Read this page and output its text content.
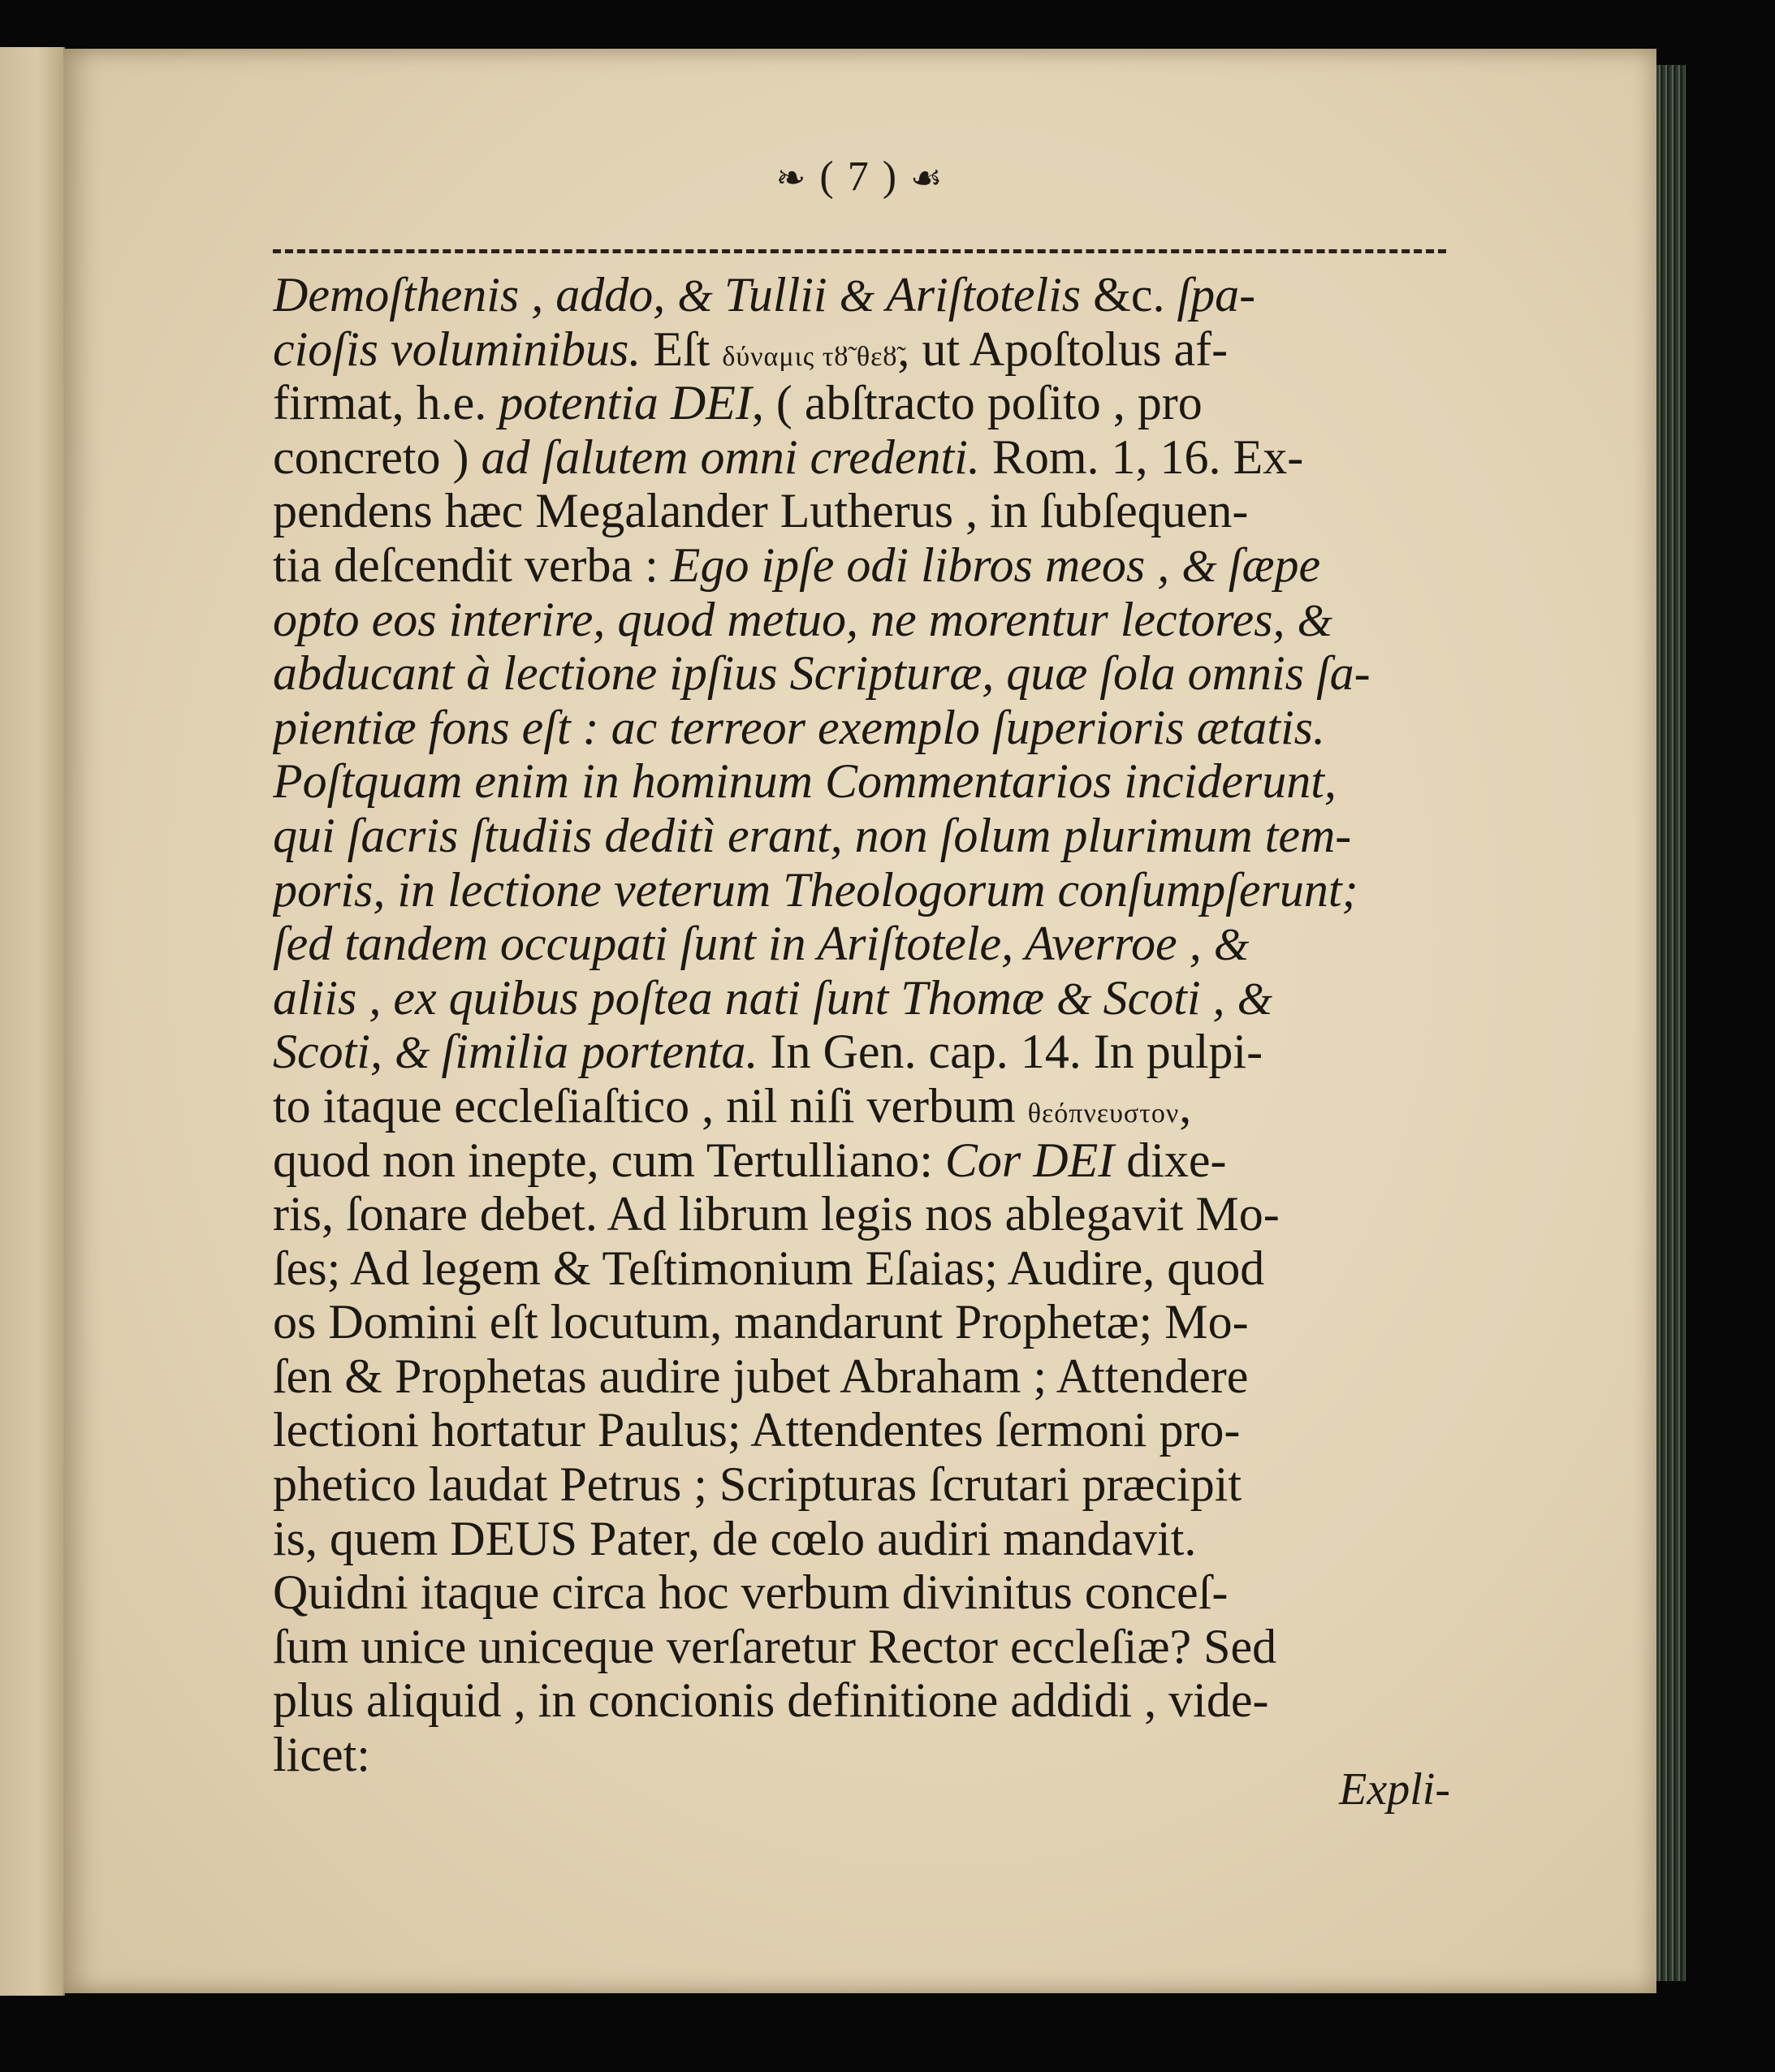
❧ ( 7 ) ☙
Demoſthenis , addo, & Tullii & Ariſtotelis &c. ſpa-
cioſis voluminibus. Eſt δύναμις τȣ̃ θεȣ̃, ut Apoſtolus af-
firmat, h.e. potentia DEI, ( abſtracto poſito , pro
concreto ) ad ſalutem omni credenti. Rom. 1, 16. Ex-
pendens hæc Megalander Lutherus , in ſubſequen-
tia deſcendit verba : Ego ipſe odi libros meos , & ſæpe
opto eos interire, quod metuo, ne morentur lectores, &
abducant à lectione ipſius Scripturæ, quæ ſola omnis ſa-
pientiæ fons eſt : ac terreor exemplo ſuperioris ætatis.
Poſtquam enim in hominum Commentarios inciderunt,
qui ſacris ſtudiis deditì erant, non ſolum plurimum tem-
poris, in lectione veterum Theologorum conſumpſerunt;
ſed tandem occupati ſunt in Ariſtotele, Averroe , &
aliis , ex quibus poſtea nati ſunt Thomæ & Scoti , &
Scoti, & ſimilia portenta. In Gen. cap. 14. In pulpi-
to itaque eccleſiaſtico , nil niſi verbum θεόπνευστον,
quod non inepte, cum Tertulliano: Cor DEI dixe-
ris, ſonare debet. Ad librum legis nos ablegavit Mo-
ſes; Ad legem & Teſtimonium Eſaias; Audire, quod
os Domini eſt locutum, mandarunt Prophetæ; Mo-
ſen & Prophetas audire jubet Abraham ; Attendere
lectioni hortatur Paulus; Attendentes ſermoni pro-
phetico laudat Petrus ; Scripturas ſcrutari præcipit
is, quem DEUS Pater, de cœlo audiri mandavit.
Quidni itaque circa hoc verbum divinitus conceſ-
ſum unice uniceque verſaretur Rector eccleſiæ? Sed
plus aliquid , in concionis definitione addidi , vide-
licet:
Expli-
